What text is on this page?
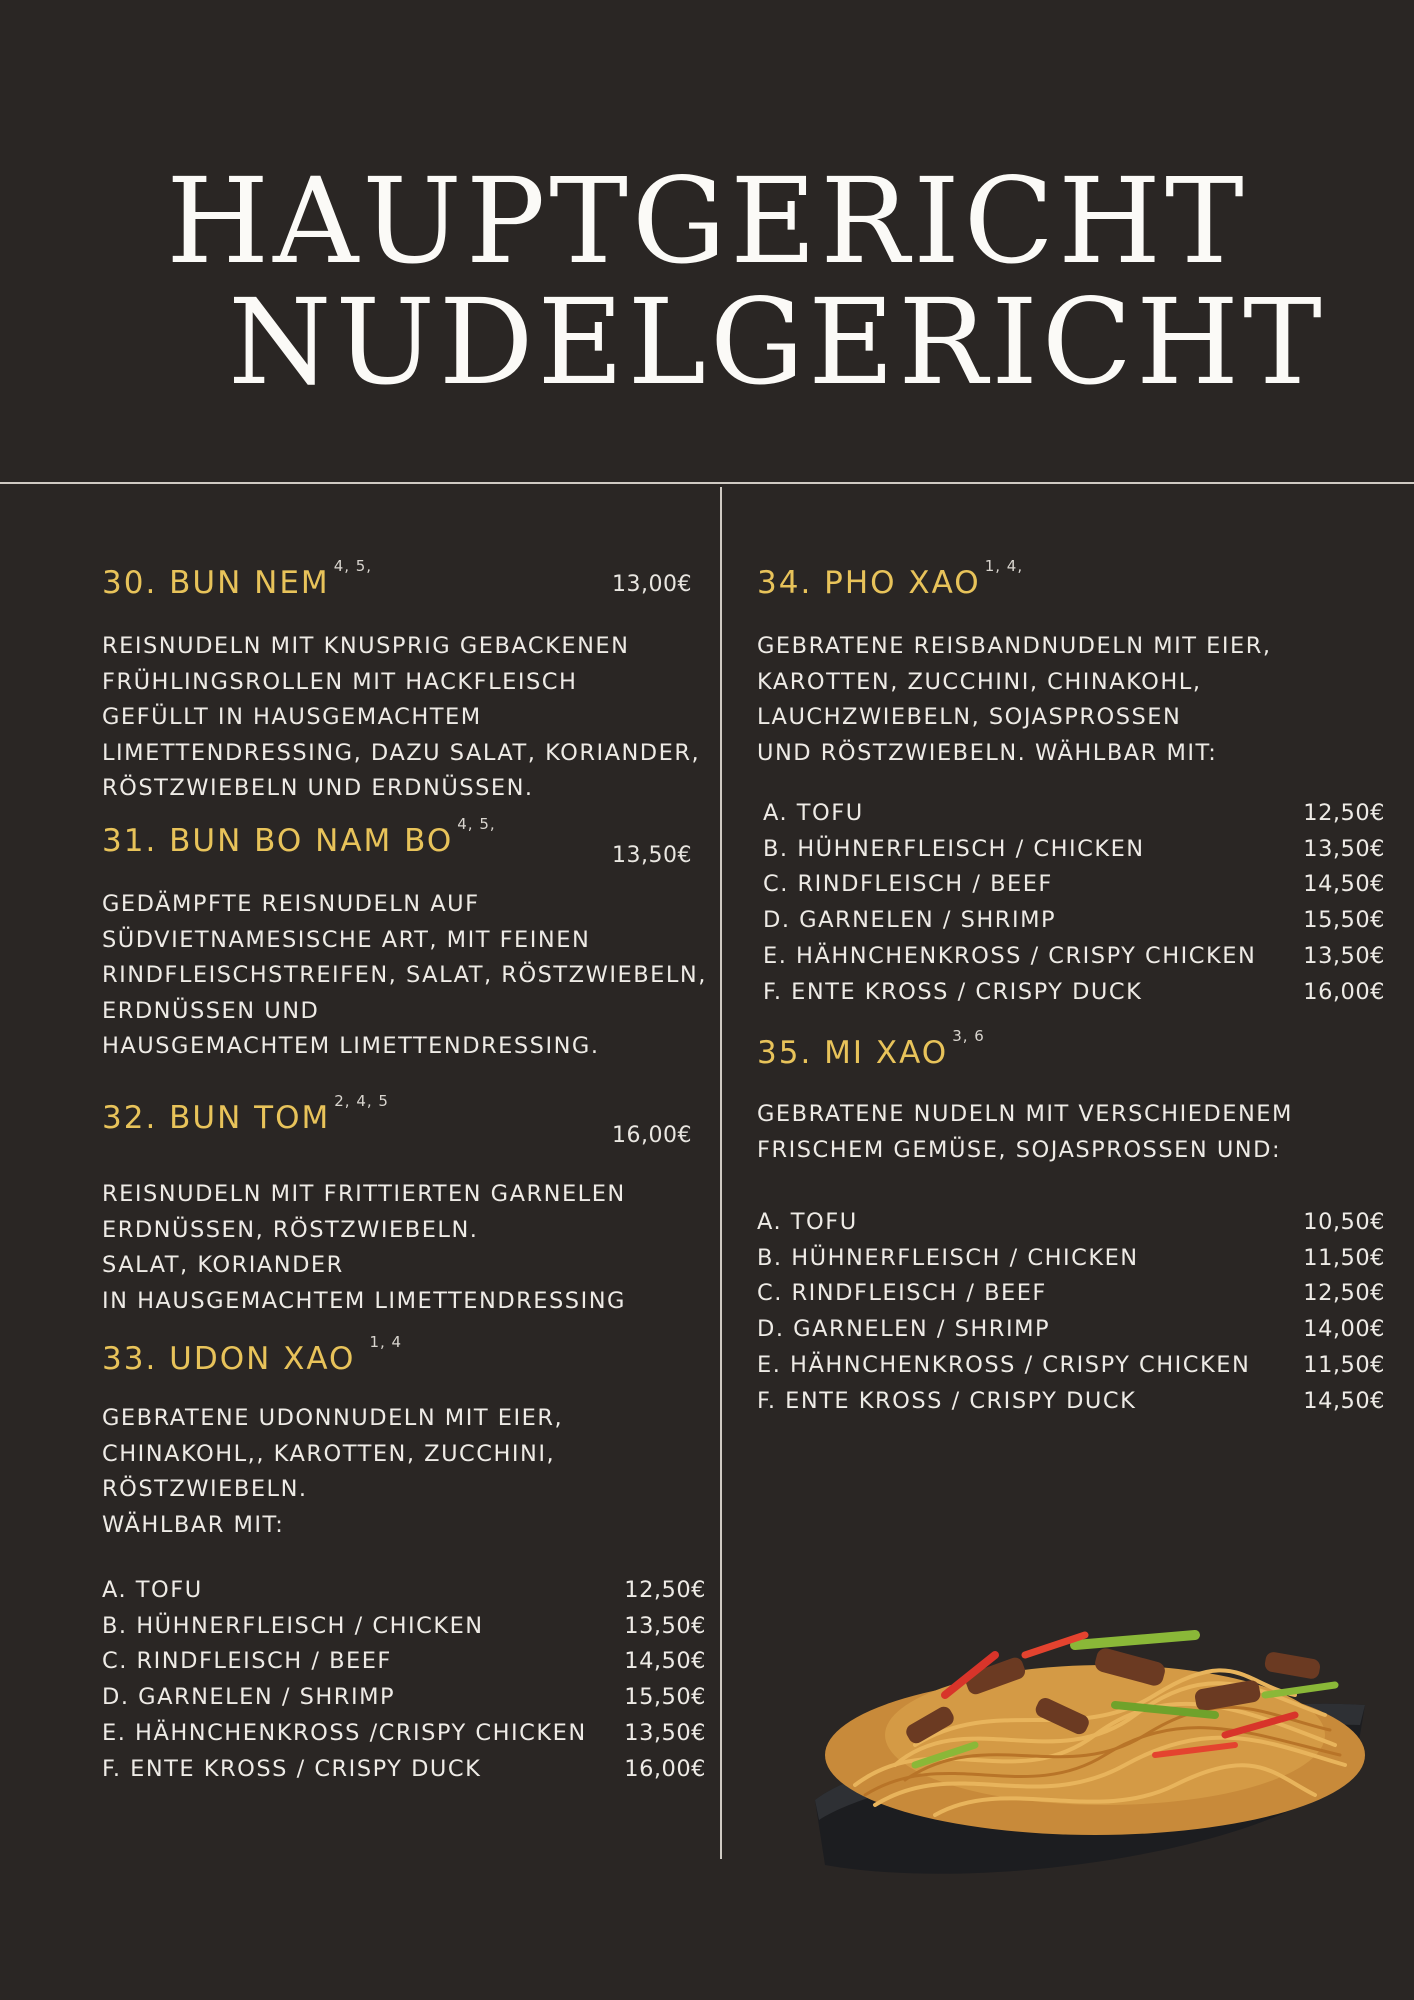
HAUPTGERICHT
NUDELGERICHT
30. BUN NEM $^{4, 5,}$
13,00€
REISNUDELN MIT KNUSPRIG GEBACKENEN
FRÜHLINGSROLLEN MIT HACKFLEISCH
GEFÜLLT IN HAUSGEMACHTEM
LIMETTENDRESSING, DAZU SALAT, KORIANDER,
RÖSTZWIEBELN UND ERDNÜSSEN.
31. BUN BO NAM BO $^{4, 5,}$
13,50€
GEDÄMPFTE REISNUDELN AUF
SÜDVIETNAMESISCHE ART, MIT FEINEN
RINDFLEISCHSTREIFEN, SALAT, RÖSTZWIEBELN,
ERDNÜSSEN UND
HAUSGEMACHTEM LIMETTENDRESSING.
32. BUN TOM $^{2, 4, 5}$
16,00€
REISNUDELN MIT FRITTIERTEN GARNELEN
ERDNÜSSEN, RÖSTZWIEBELN.
SALAT, KORIANDER
IN HAUSGEMACHTEM LIMETTENDRESSING
33. UDON XAO $^{1, 4}$
GEBRATENE UDONNUDELN MIT EIER,
CHINAKOHL,, KAROTTEN, ZUCCHINI,
RÖSTZWIEBELN.
WÄHLBAR MIT:
A. TOFU	12,50€
B. HÜHNERFLEISCH / CHICKEN	13,50€
C. RINDFLEISCH / BEEF	14,50€
D. GARNELEN / SHRIMP	15,50€
E. HÄHNCHENKROSS /CRISPY CHICKEN 13,50€
F. ENTE KROSS / CRISPY DUCK	16,00€
34. PHO XAO $^{1, 4,}$
GEBRATENE REISBANDNUDELN MIT EIER,
KAROTTEN, ZUCCHINI, CHINAKOHL,
LAUCHZWIEBELN, SOJASPROSSEN
UND RÖSTZWIEBELN. WÄHLBAR MIT:
A. TOFU	12,50€
B. HÜHNERFLEISCH / CHICKEN	13,50€
C. RINDFLEISCH / BEEF	14,50€
D. GARNELEN / SHRIMP	15,50€
E. HÄHNCHENKROSS / CRISPY CHICKEN 13,50€
F. ENTE KROSS / CRISPY DUCK	16,00€
35. MI XAO $^{3, 6}$
GEBRATENE NUDELN MIT VERSCHIEDENEM
FRISCHEM GEMÜSE, SOJASPROSSEN UND:
A. TOFU	10,50€
B. HÜHNERFLEISCH / CHICKEN	11,50€
C. RINDFLEISCH / BEEF	12,50€
D. GARNELEN / SHRIMP	14,00€
E. HÄHNCHENKROSS / CRISPY CHICKEN 11,50€
F. ENTE KROSS / CRISPY DUCK	14,50€
